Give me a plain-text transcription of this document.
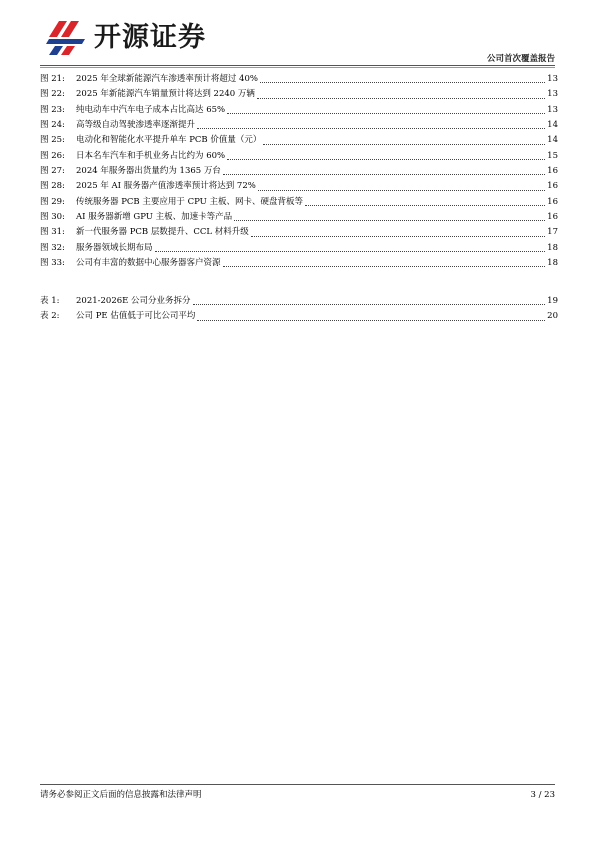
开源证券
公司首次覆盖报告
图 21:	2025 年全球新能源汽车渗透率预计将超过 40%	13
图 22:	2025 年新能源汽车销量预计将达到 2240 万辆	13
图 23:	纯电动车中汽车电子成本占比高达 65%	13
图 24:	高等级自动驾驶渗透率逐渐提升	14
图 25:	电动化和智能化水平提升单车 PCB 价值量（元）	14
图 26:	日本名车汽车和手机业务占比约为 60%	15
图 27:	2024 年服务器出货量约为 1365 万台	16
图 28:	2025 年 AI 服务器产值渗透率预计将达到 72%	16
图 29:	传统服务器 PCB 主要应用于 CPU 主板、网卡、硬盘背板等	16
图 30:	AI 服务器新增 GPU 主板、加速卡等产品	16
图 31:	新一代服务器 PCB 层数提升、CCL 材料升级	17
图 32:	服务器领域长期布局	18
图 33:	公司有丰富的数据中心服务器客户资源	18
表 1:	2021-2026E 公司分业务拆分	19
表 2:	公司 PE 估值低于可比公司平均	20
请务必参阅正文后面的信息披露和法律声明	3 / 23
